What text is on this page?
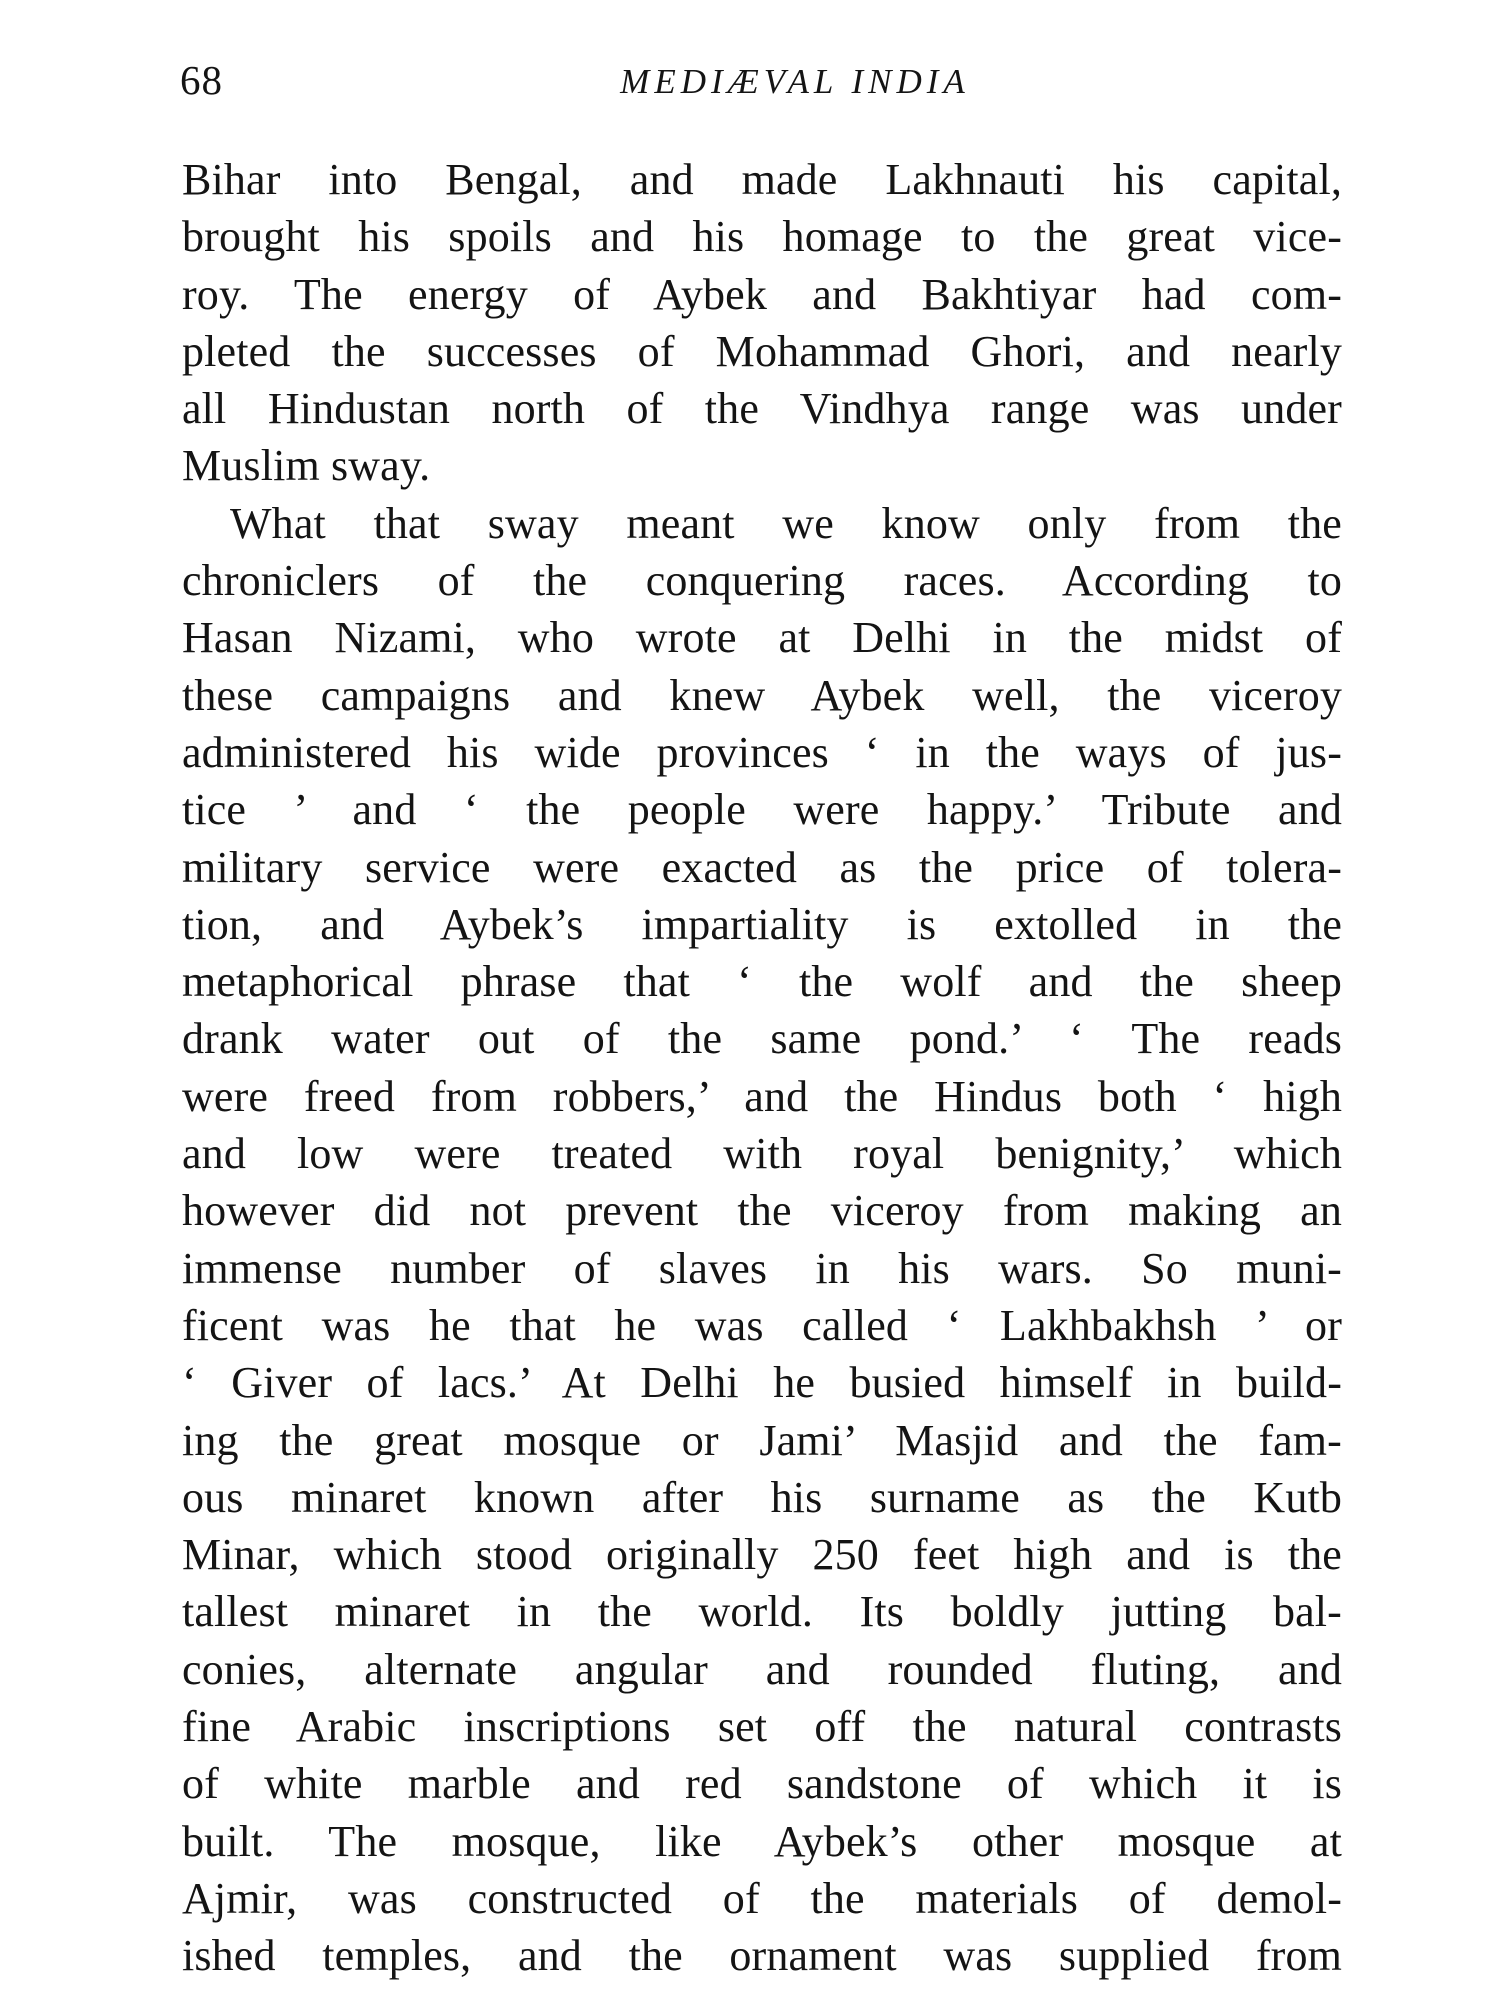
68	MEDIÆVAL INDIA
Bihar into Bengal, and made Lakhnauti his capital,
brought his spoils and his homage to the great vice-
roy. The energy of Aybek and Bakhtiyar had com-
pleted the successes of Mohammad Ghori, and nearly
all Hindustan north of the Vindhya range was under
Muslim sway.
What that sway meant we know only from the
chroniclers of the conquering races. According to
Hasan Nizami, who wrote at Delhi in the midst of
these campaigns and knew Aybek well, the viceroy
administered his wide provinces ‘ in the ways of jus-
tice ’ and ‘ the people were happy.’ Tribute and
military service were exacted as the price of tolera-
tion, and Aybek’s impartiality is extolled in the
metaphorical phrase that ‘ the wolf and the sheep
drank water out of the same pond.’ ‘ The reads
were freed from robbers,’ and the Hindus both ‘ high
and low were treated with royal benignity,’ which
however did not prevent the viceroy from making an
immense number of slaves in his wars. So muni-
ficent was he that he was called ‘ Lakhbakhsh ’ or
‘ Giver of lacs.’ At Delhi he busied himself in build-
ing the great mosque or Jami’ Masjid and the fam-
ous minaret known after his surname as the Kutb
Minar, which stood originally 250 feet high and is the
tallest minaret in the world. Its boldly jutting bal-
conies, alternate angular and rounded fluting, and
fine Arabic inscriptions set off the natural contrasts
of white marble and red sandstone of which it is
built. The mosque, like Aybek’s other mosque at
Ajmir, was constructed of the materials of demol-
ished temples, and the ornament was supplied from
